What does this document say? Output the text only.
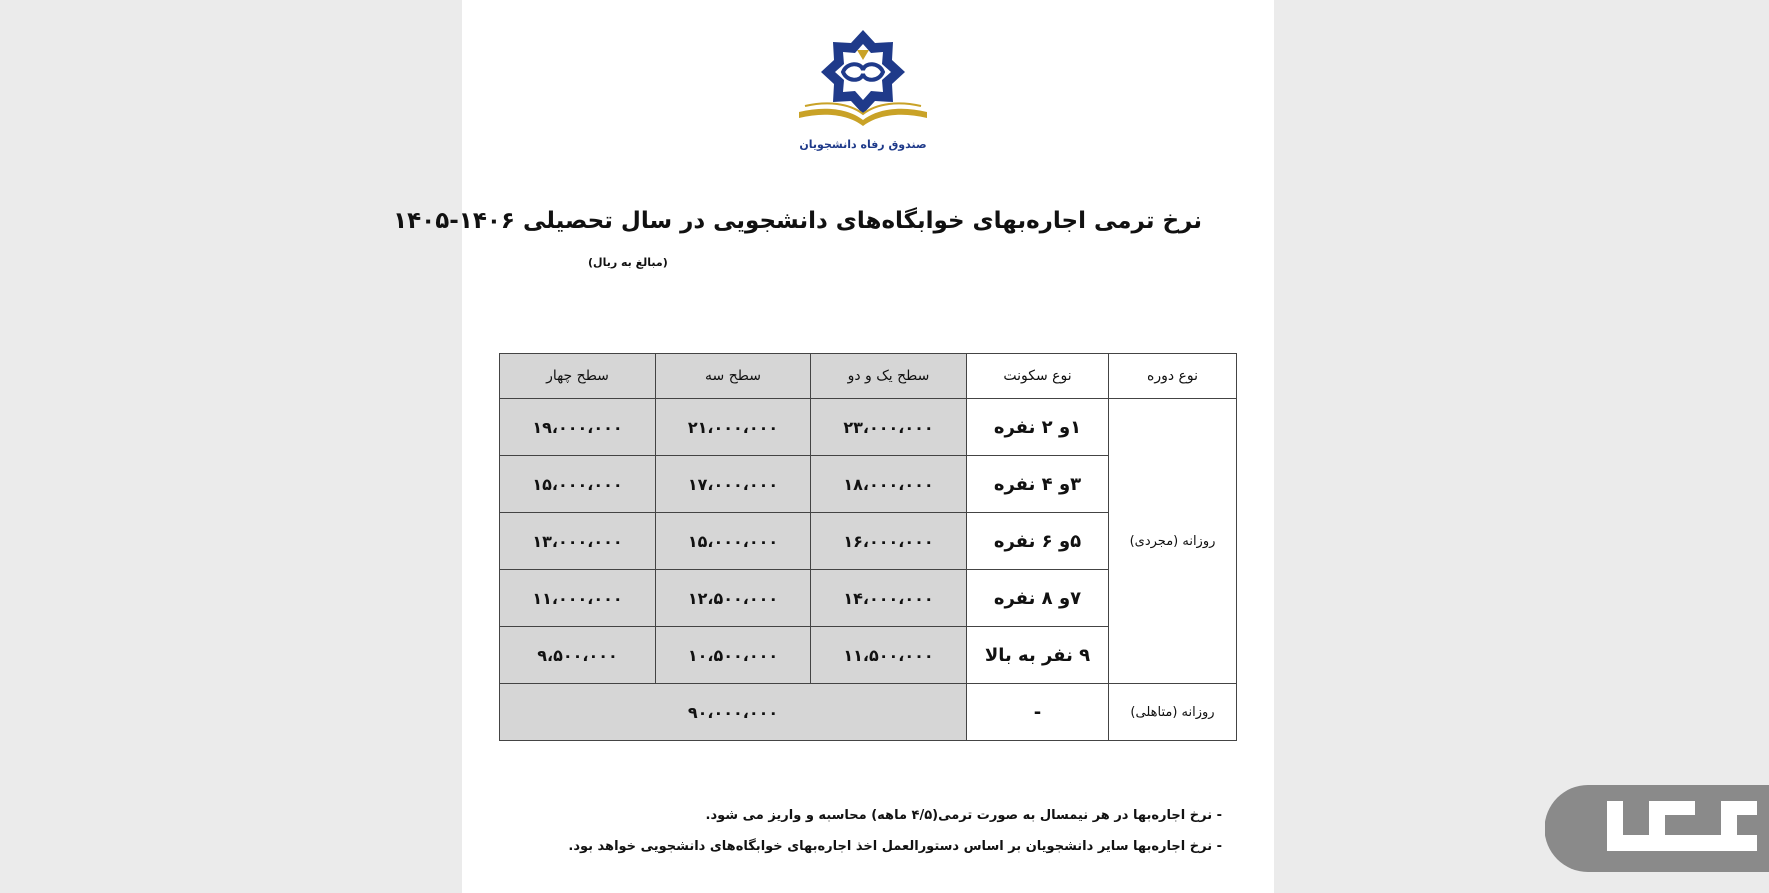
صندوق رفاه دانشجویان
نرخ ترمی اجاره‌بهای خوابگاه‌های دانشجویی در سال تحصیلی ۱۴۰۶-۱۴۰۵
(مبالغ به ریال)
نوع دوره	نوع سکونت	سطح یک و دو	سطح سه	سطح چهار
روزانه (مجردی)	۱و ۲ نفره	۲۳،۰۰۰،۰۰۰	۲۱،۰۰۰،۰۰۰	۱۹،۰۰۰،۰۰۰
	۳و ۴ نفره	۱۸،۰۰۰،۰۰۰	۱۷،۰۰۰،۰۰۰	۱۵،۰۰۰،۰۰۰
	۵و ۶ نفره	۱۶،۰۰۰،۰۰۰	۱۵،۰۰۰،۰۰۰	۱۳،۰۰۰،۰۰۰
	۷و ۸ نفره	۱۴،۰۰۰،۰۰۰	۱۲،۵۰۰،۰۰۰	۱۱،۰۰۰،۰۰۰
	۹ نفر به بالا	۱۱،۵۰۰،۰۰۰	۱۰،۵۰۰،۰۰۰	۹،۵۰۰،۰۰۰
روزانه (متاهلی)	-	۹۰،۰۰۰،۰۰۰		
- نرخ اجاره‌بها در هر نیمسال به صورت ترمی(۴/۵ ماهه) محاسبه و واریز می شود.
- نرخ اجاره‌بها سایر دانشجویان بر اساس دستورالعمل اخذ اجاره‌بهای خوابگاه‌های دانشجویی خواهد بود.
